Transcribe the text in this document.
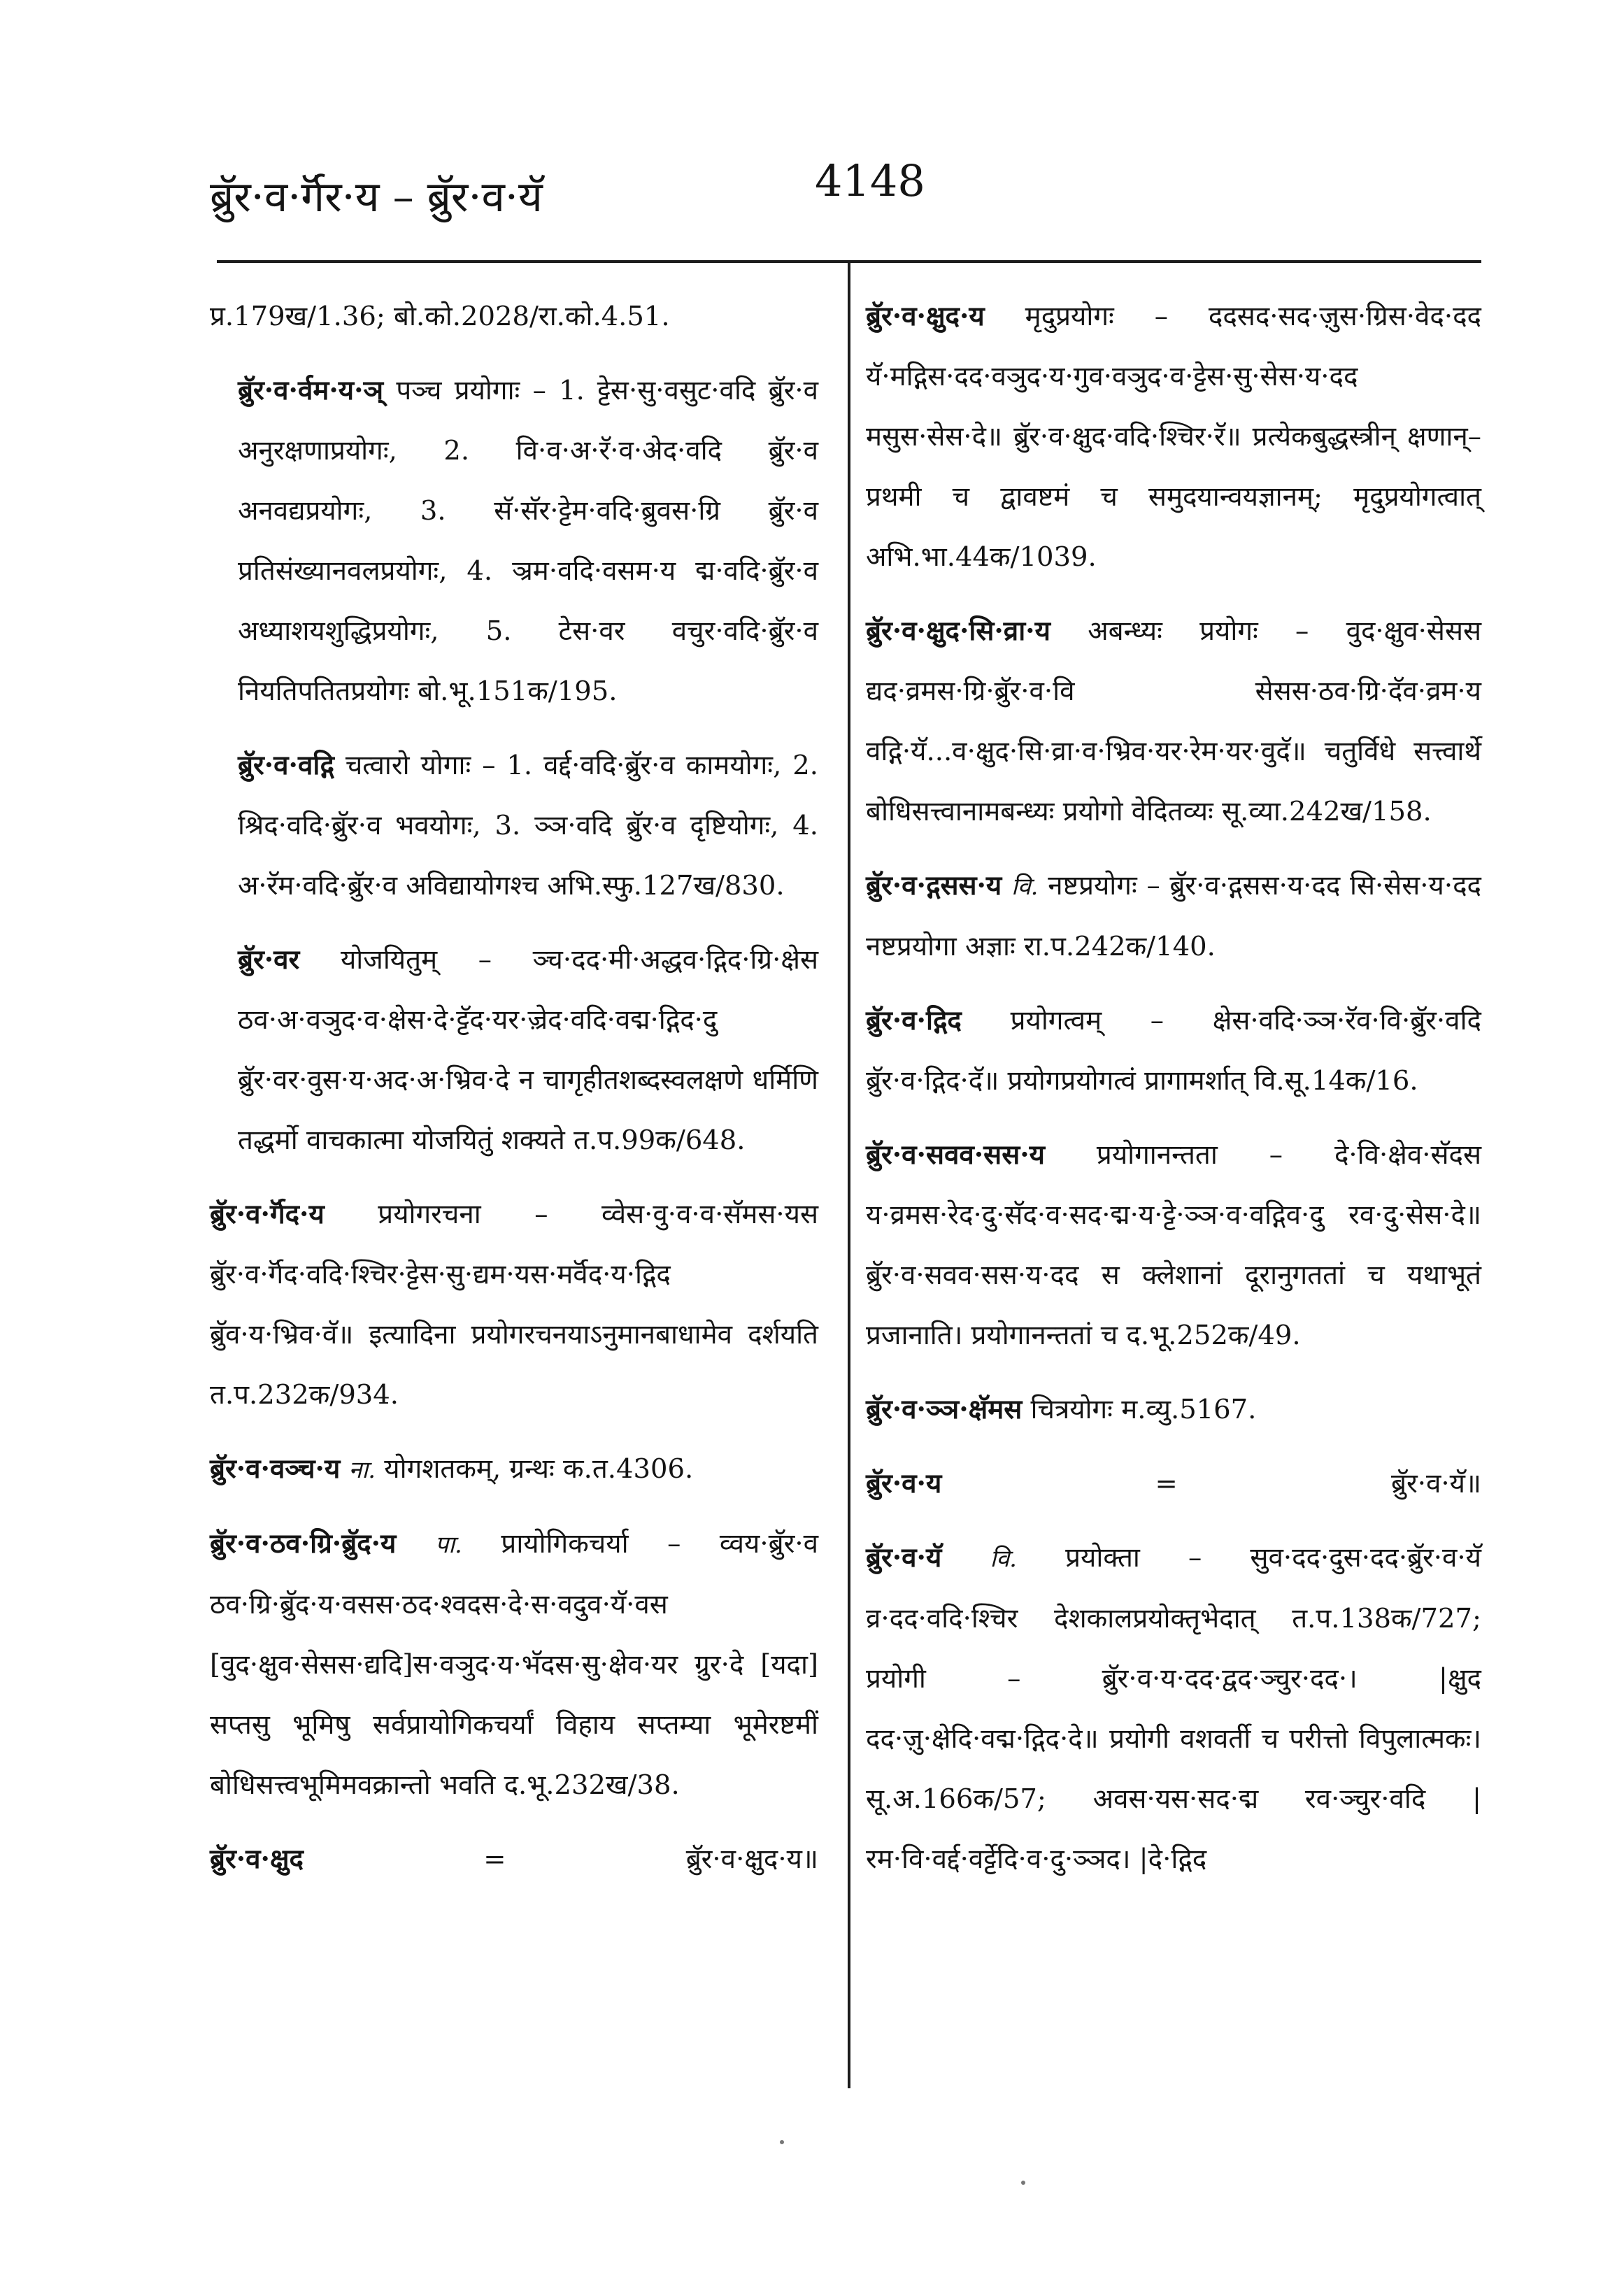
ब्रुॅर·व·र्गॅर·य – ब्रुॅर·व·यॅ	4148

प्र.179ख/1.36; बो.को.2028/रा.को.4.51.

ब्रुॅर·व·र्वम·य·ञ् पञ्च प्रयोगाः – 1. ट्टेस·सु·वसुट·वदि ब्रुॅर·व अनुरक्षणाप्रयोगः, 2. वि·व·अ·रॅ·व·अेद·वदि ब्रुॅर·व अनवद्यप्रयोगः, 3. सॅ·सॅर·ट्टेम·वदि·ब्रुवस·ग्रि ब्रुॅर·व प्रतिसंख्यानवलप्रयोगः, 4. ञ्रम·वदि·वसम·य द्म·वदि·ब्रुॅर·व अध्याशयशुद्धिप्रयोगः, 5. टेस·वर वचुर·वदि·ब्रुॅर·व नियतिपतितप्रयोगः बो.भू.151क/195.

ब्रुॅर·व·वद्गि चत्वारो योगाः – 1. वर्द्द·वदि·ब्रुॅर·व कामयोगः, 2. श्रिद·वदि·ब्रुॅर·व भवयोगः, 3. ञ्ञ·वदि ब्रुॅर·व दृष्टियोगः, 4. अ·रॅम·वदि·ब्रुॅर·व अविद्यायोगश्च अभि.स्फु.127ख/830.

ब्रुॅर·वर योजयितुम् – ञ्च·दद·मी·अद्धव·द्गिद·ग्रि·क्षेस ठव·अ·वञुद·व·क्षेस·दे·ट्टॅद·यर·ज़्रेद·वदि·वद्म·द्गिद·दु ब्रुॅर·वर·वुस·य·अद·अ·भ्रिव·दे न चागृहीतशब्दस्वलक्षणे धर्मिणि तद्धर्मो वाचकात्मा योजयितुं शक्यते त.प.99क/648.

ब्रुॅर·व·र्गॅद·य प्रयोगरचना – व्वेस·वु·व·व·सॅमस·यस ब्रुॅर·व·र्गॅद·वदि·श्चिर·ट्टेस·सु·द्यम·यस·मर्वॅद·य·द्गिद ब्रुॅव·य·भ्रिव·वॅ॥ इत्यादिना प्रयोगरचनयाऽनुमानबाधामेव दर्शयति त.प.232क/934.

ब्रुॅर·व·वञ्च·य ना. योगशतकम्, ग्रन्थः क.त.4306.

ब्रुॅर·व·ठव·ग्रि·ब्रुॅद·य पा. प्रायोगिकचर्या – व्वय·ब्रुॅर·व ठव·ग्रि·ब्रुॅद·य·वसस·ठद·श्वदस·दे·स·वदुव·यॅ·वस [वुद·क्षुव·सेसस·द्यदि]स·वञुद·य·भॅदस·सु·क्षेव·यर ग्रुर·दे [यदा] सप्तसु भूमिषु सर्वप्रायोगिकचर्यां विहाय सप्तम्या भूमेरष्टमीं बोधिसत्त्वभूमिमवक्रान्तो भवति द.भू.232ख/38.

ब्रुॅर·व·क्षुद	=	ब्रुॅर·व·क्षुद·य॥

ब्रुॅर·व·क्षुद·य मृदुप्रयोगः – ददसद·सद·ज़ुस·ग्रिस·वेद·दद यॅ·मद्गिस·दद·वञुद·य·गुव·वञुद·व·ट्टेस·सु·सेस·य·दद मसुस·सेस·दे॥ ब्रुॅर·व·क्षुद·वदि·श्चिर·रॅ॥ प्रत्येकबुद्धस्त्रीन् क्षणान्–प्रथमी च द्वावष्टमं च समुदयान्वयज्ञानम्; मृदुप्रयोगत्वात् अभि.भा.44क/1039.

ब्रुॅर·व·क्षुद·सि·व्रा·य अबन्ध्यः प्रयोगः – वुद·क्षुव·सेसस द्यद·व्रमस·ग्रि·ब्रुॅर·व·वि सेसस·ठव·ग्रि·दॅव·व्रम·य वद्गि·यॅ...व·क्षुद·सि·व्रा·व·भ्रिव·यर·रेम·यर·वुदॅ॥ चतुर्विधे सत्त्वार्थे बोधिसत्त्वानामबन्ध्यः प्रयोगो वेदितव्यः सू.व्या.242ख/158.

ब्रुॅर·व·द्गसस·य वि. नष्टप्रयोगः – ब्रुॅर·व·द्गसस·य·दद सि·सेस·य·दद नष्टप्रयोगा अज्ञाः रा.प.242क/140.

ब्रुॅर·व·द्गिद प्रयोगत्वम् – क्षेस·वदि·ञ्ञ·रॅव·वि·ब्रुॅर·वदि ब्रुॅर·व·द्गिद·दॅ॥ प्रयोगप्रयोगत्वं प्रागामर्शात् वि.सू.14क/16.

ब्रुॅर·व·सवव·सस·य प्रयोगानन्तता – दे·वि·क्षेव·सॅदस य·व्रमस·रेद·दु·सॅद·व·सद·द्म·य·ट्टे·ञ्ञ·व·वद्गिव·दु रव·दु·सेस·दे॥ ब्रुॅर·व·सवव·सस·य·दद स क्लेशानां दूरानुगततां च यथाभूतं प्रजानाति। प्रयोगानन्ततां च द.भू.252क/49.

ब्रुॅर·व·ञ्ञ·क्षॅमस चित्रयोगः म.व्यु.5167.

ब्रुॅर·व·य	=	ब्रुॅर·व·यॅ॥

ब्रुॅर·व·यॅ वि. प्रयोक्ता – सुव·दद·दुस·दद·ब्रुॅर·व·यॅ व्र·दद·वदि·श्चिर देशकालप्रयोक्तृभेदात् त.प.138क/727; प्रयोगी – ब्रुॅर·व·य·दद·द्वद·ञ्चुर·दद·। |क्षुद दद·ज़ु·क्षेदि·वद्म·द्गिद·दे॥ प्रयोगी वशवर्ती च परीत्तो विपुलात्मकः। सू.अ.166क/57; अवस·यस·सद·द्म रव·ञ्चुर·वदि |रम·वि·वर्द्द·वर्ट्टेदि·व·दु·ञ्ञद। |दे·द्गिद
